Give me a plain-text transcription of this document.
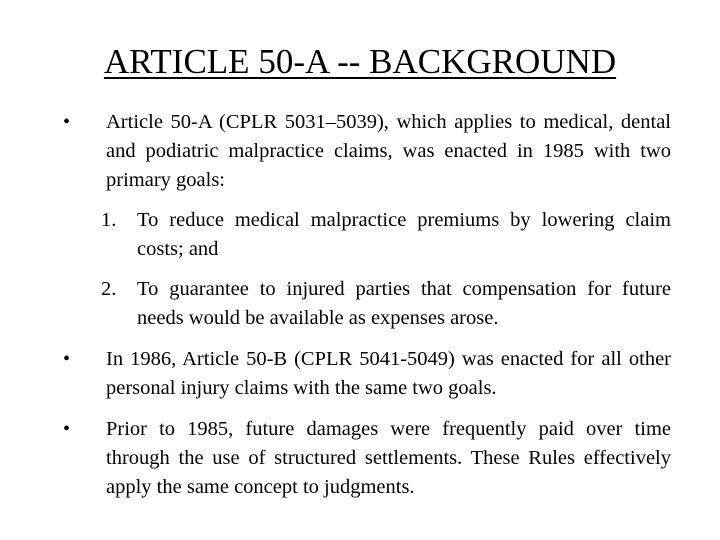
ARTICLE 50-A -- BACKGROUND
• Article 50-A (CPLR 5031–5039), which applies to medical, dental and podiatric malpractice claims, was enacted in 1985 with two primary goals:
1. To reduce medical malpractice premiums by lowering claim costs; and
2. To guarantee to injured parties that compensation for future needs would be available as expenses arose.
• In 1986, Article 50-B (CPLR 5041-5049) was enacted for all other personal injury claims with the same two goals.
• Prior to 1985, future damages were frequently paid over time through the use of structured settlements. These Rules effectively apply the same concept to judgments.
